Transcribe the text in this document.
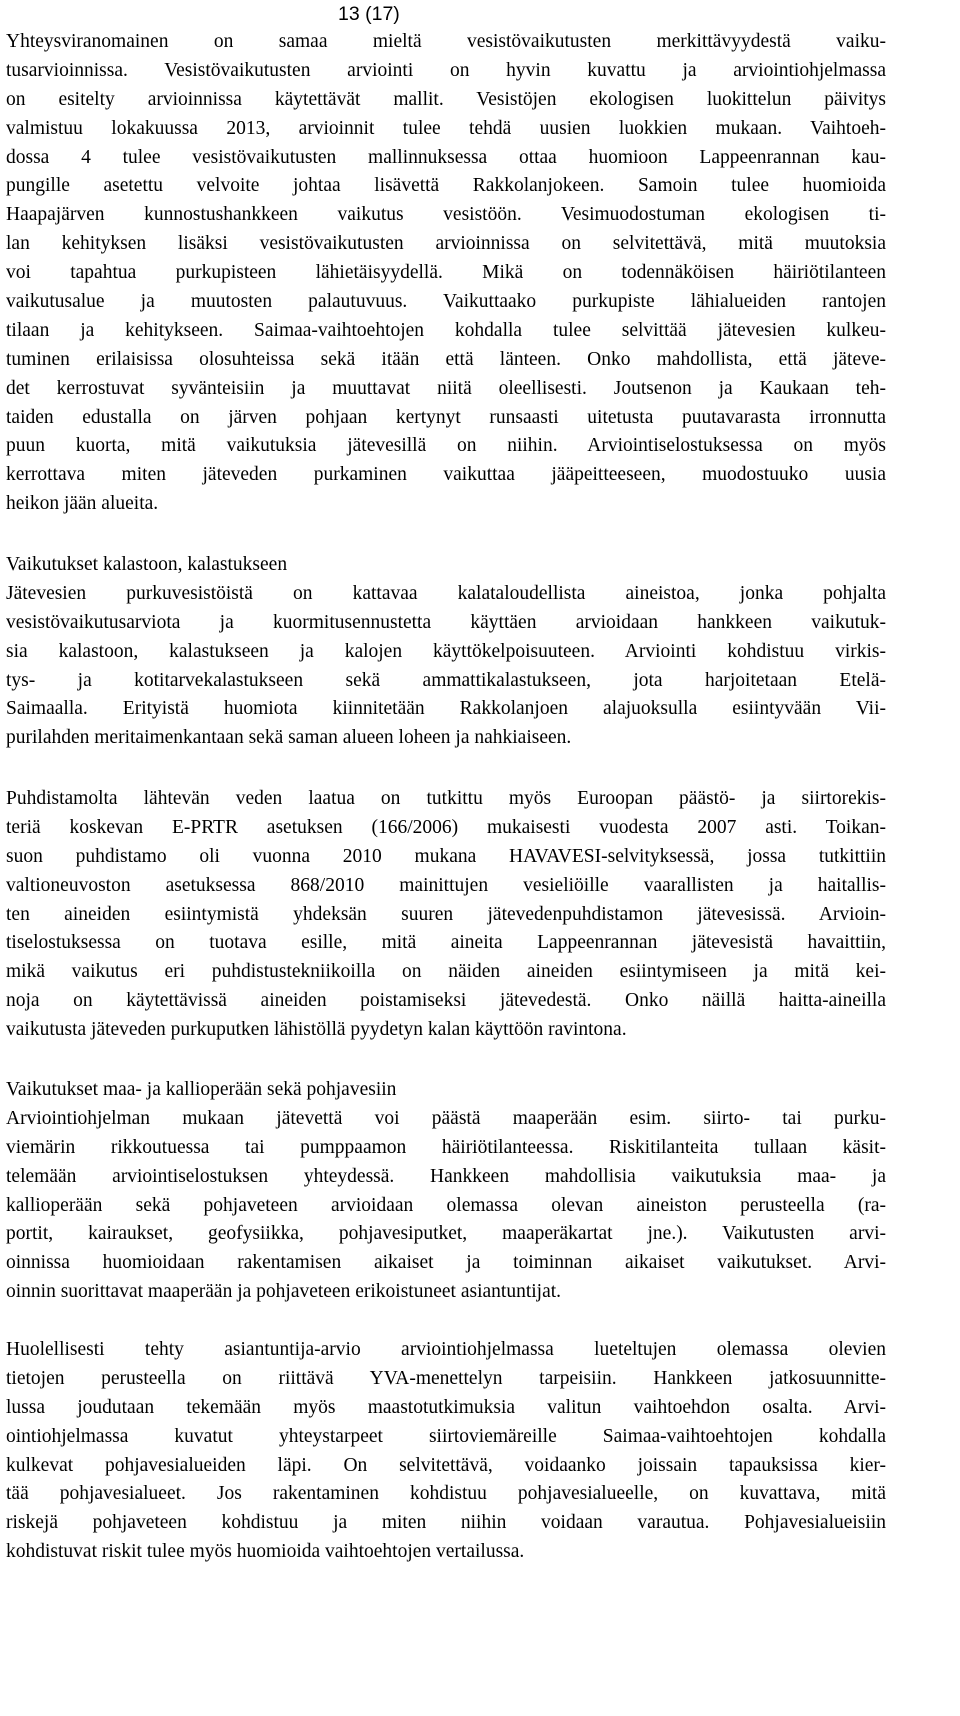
13 (17)
Yhteysviranomainen on samaa mieltä vesistövaikutusten merkittävyydestä vaiku-
tusarvioinnissa. Vesistövaikutusten arviointi on hyvin kuvattu ja arviointiohjelmassa
on esitelty arvioinnissa käytettävät mallit. Vesistöjen ekologisen luokittelun päivitys
valmistuu lokakuussa 2013, arvioinnit tulee tehdä uusien luokkien mukaan. Vaihtoeh-
dossa 4 tulee vesistövaikutusten mallinnuksessa ottaa huomioon Lappeenrannan kau-
pungille asetettu velvoite johtaa lisävettä Rakkolanjokeen. Samoin tulee huomioida
Haapajärven kunnostushankkeen vaikutus vesistöön. Vesimuodostuman ekologisen ti-
lan kehityksen lisäksi vesistövaikutusten arvioinnissa on selvitettävä, mitä muutoksia
voi tapahtua purkupisteen lähietäisyydellä. Mikä on todennäköisen häiriötilanteen
vaikutusalue ja muutosten palautuvuus. Vaikuttaako purkupiste lähialueiden rantojen
tilaan ja kehitykseen. Saimaa-vaihtoehtojen kohdalla tulee selvittää jätevesien kulkeu-
tuminen erilaisissa olosuhteissa sekä itään että länteen. Onko mahdollista, että jäteve-
det kerrostuvat syvänteisiin ja muuttavat niitä oleellisesti. Joutsenon ja Kaukaan teh-
taiden edustalla on järven pohjaan kertynyt runsaasti uitetusta puutavarasta irronnutta
puun kuorta, mitä vaikutuksia jätevesillä on niihin. Arviointiselostuksessa on myös
kerrottava miten jäteveden purkaminen vaikuttaa jääpeitteeseen, muodostuuko uusia
heikon jään alueita.
Vaikutukset kalastoon, kalastukseen
Jätevesien purkuvesistöistä on kattavaa kalataloudellista aineistoa, jonka pohjalta
vesistövaikutusarviota ja kuormitusennustetta käyttäen arvioidaan hankkeen vaikutuk-
sia kalastoon, kalastukseen ja kalojen käyttökelpoisuuteen. Arviointi kohdistuu virkis-
tys- ja kotitarvekalastukseen sekä ammattikalastukseen, jota harjoitetaan Etelä-
Saimaalla. Erityistä huomiota kiinnitetään Rakkolanjoen alajuoksulla esiintyvään Vii-
purilahden meritaimenkantaan sekä saman alueen loheen ja nahkiaiseen.
Puhdistamolta lähtevän veden laatua on tutkittu myös Euroopan päästö- ja siirtorekis-
teriä koskevan E-PRTR asetuksen (166/2006) mukaisesti vuodesta 2007 asti. Toikan-
suon puhdistamo oli vuonna 2010 mukana HAVAVESI-selvityksessä, jossa tutkittiin
valtioneuvoston asetuksessa 868/2010 mainittujen vesieliöille vaarallisten ja haitallis-
ten aineiden esiintymistä yhdeksän suuren jätevedenpuhdistamon jätevesissä. Arvioin-
tiselostuksessa on tuotava esille, mitä aineita Lappeenrannan jätevesistä havaittiin,
mikä vaikutus eri puhdistustekniikoilla on näiden aineiden esiintymiseen ja mitä kei-
noja on käytettävissä aineiden poistamiseksi jätevedestä. Onko näillä haitta-aineilla
vaikutusta jäteveden purkuputken lähistöllä pyydetyn kalan käyttöön ravintona.
Vaikutukset maa- ja kallioperään sekä pohjavesiin
Arviointiohjelman mukaan jätevettä voi päästä maaperään esim. siirto- tai purku-
viemärin rikkoutuessa tai pumppaamon häiriötilanteessa. Riskitilanteita tullaan käsit-
telemään arviointiselostuksen yhteydessä. Hankkeen mahdollisia vaikutuksia maa- ja
kallioperään sekä pohjaveteen arvioidaan olemassa olevan aineiston perusteella (ra-
portit, kairaukset, geofysiikka, pohjavesiputket, maaperäkartat jne.). Vaikutusten arvi-
oinnissa huomioidaan rakentamisen aikaiset ja toiminnan aikaiset vaikutukset. Arvi-
oinnin suorittavat maaperään ja pohjaveteen erikoistuneet asiantuntijat.
Huolellisesti tehty asiantuntija-arvio arviointiohjelmassa lueteltujen olemassa olevien
tietojen perusteella on riittävä YVA-menettelyn tarpeisiin. Hankkeen jatkosuunnitte-
lussa joudutaan tekemään myös maastotutkimuksia valitun vaihtoehdon osalta. Arvi-
ointiohjelmassa kuvatut yhteystarpeet siirtoviemäreille Saimaa-vaihtoehtojen kohdalla
kulkevat pohjavesialueiden läpi. On selvitettävä, voidaanko joissain tapauksissa kier-
tää pohjavesialueet. Jos rakentaminen kohdistuu pohjavesialueelle, on kuvattava, mitä
riskejä pohjaveteen kohdistuu ja miten niihin voidaan varautua. Pohjavesialueisiin
kohdistuvat riskit tulee myös huomioida vaihtoehtojen vertailussa.
